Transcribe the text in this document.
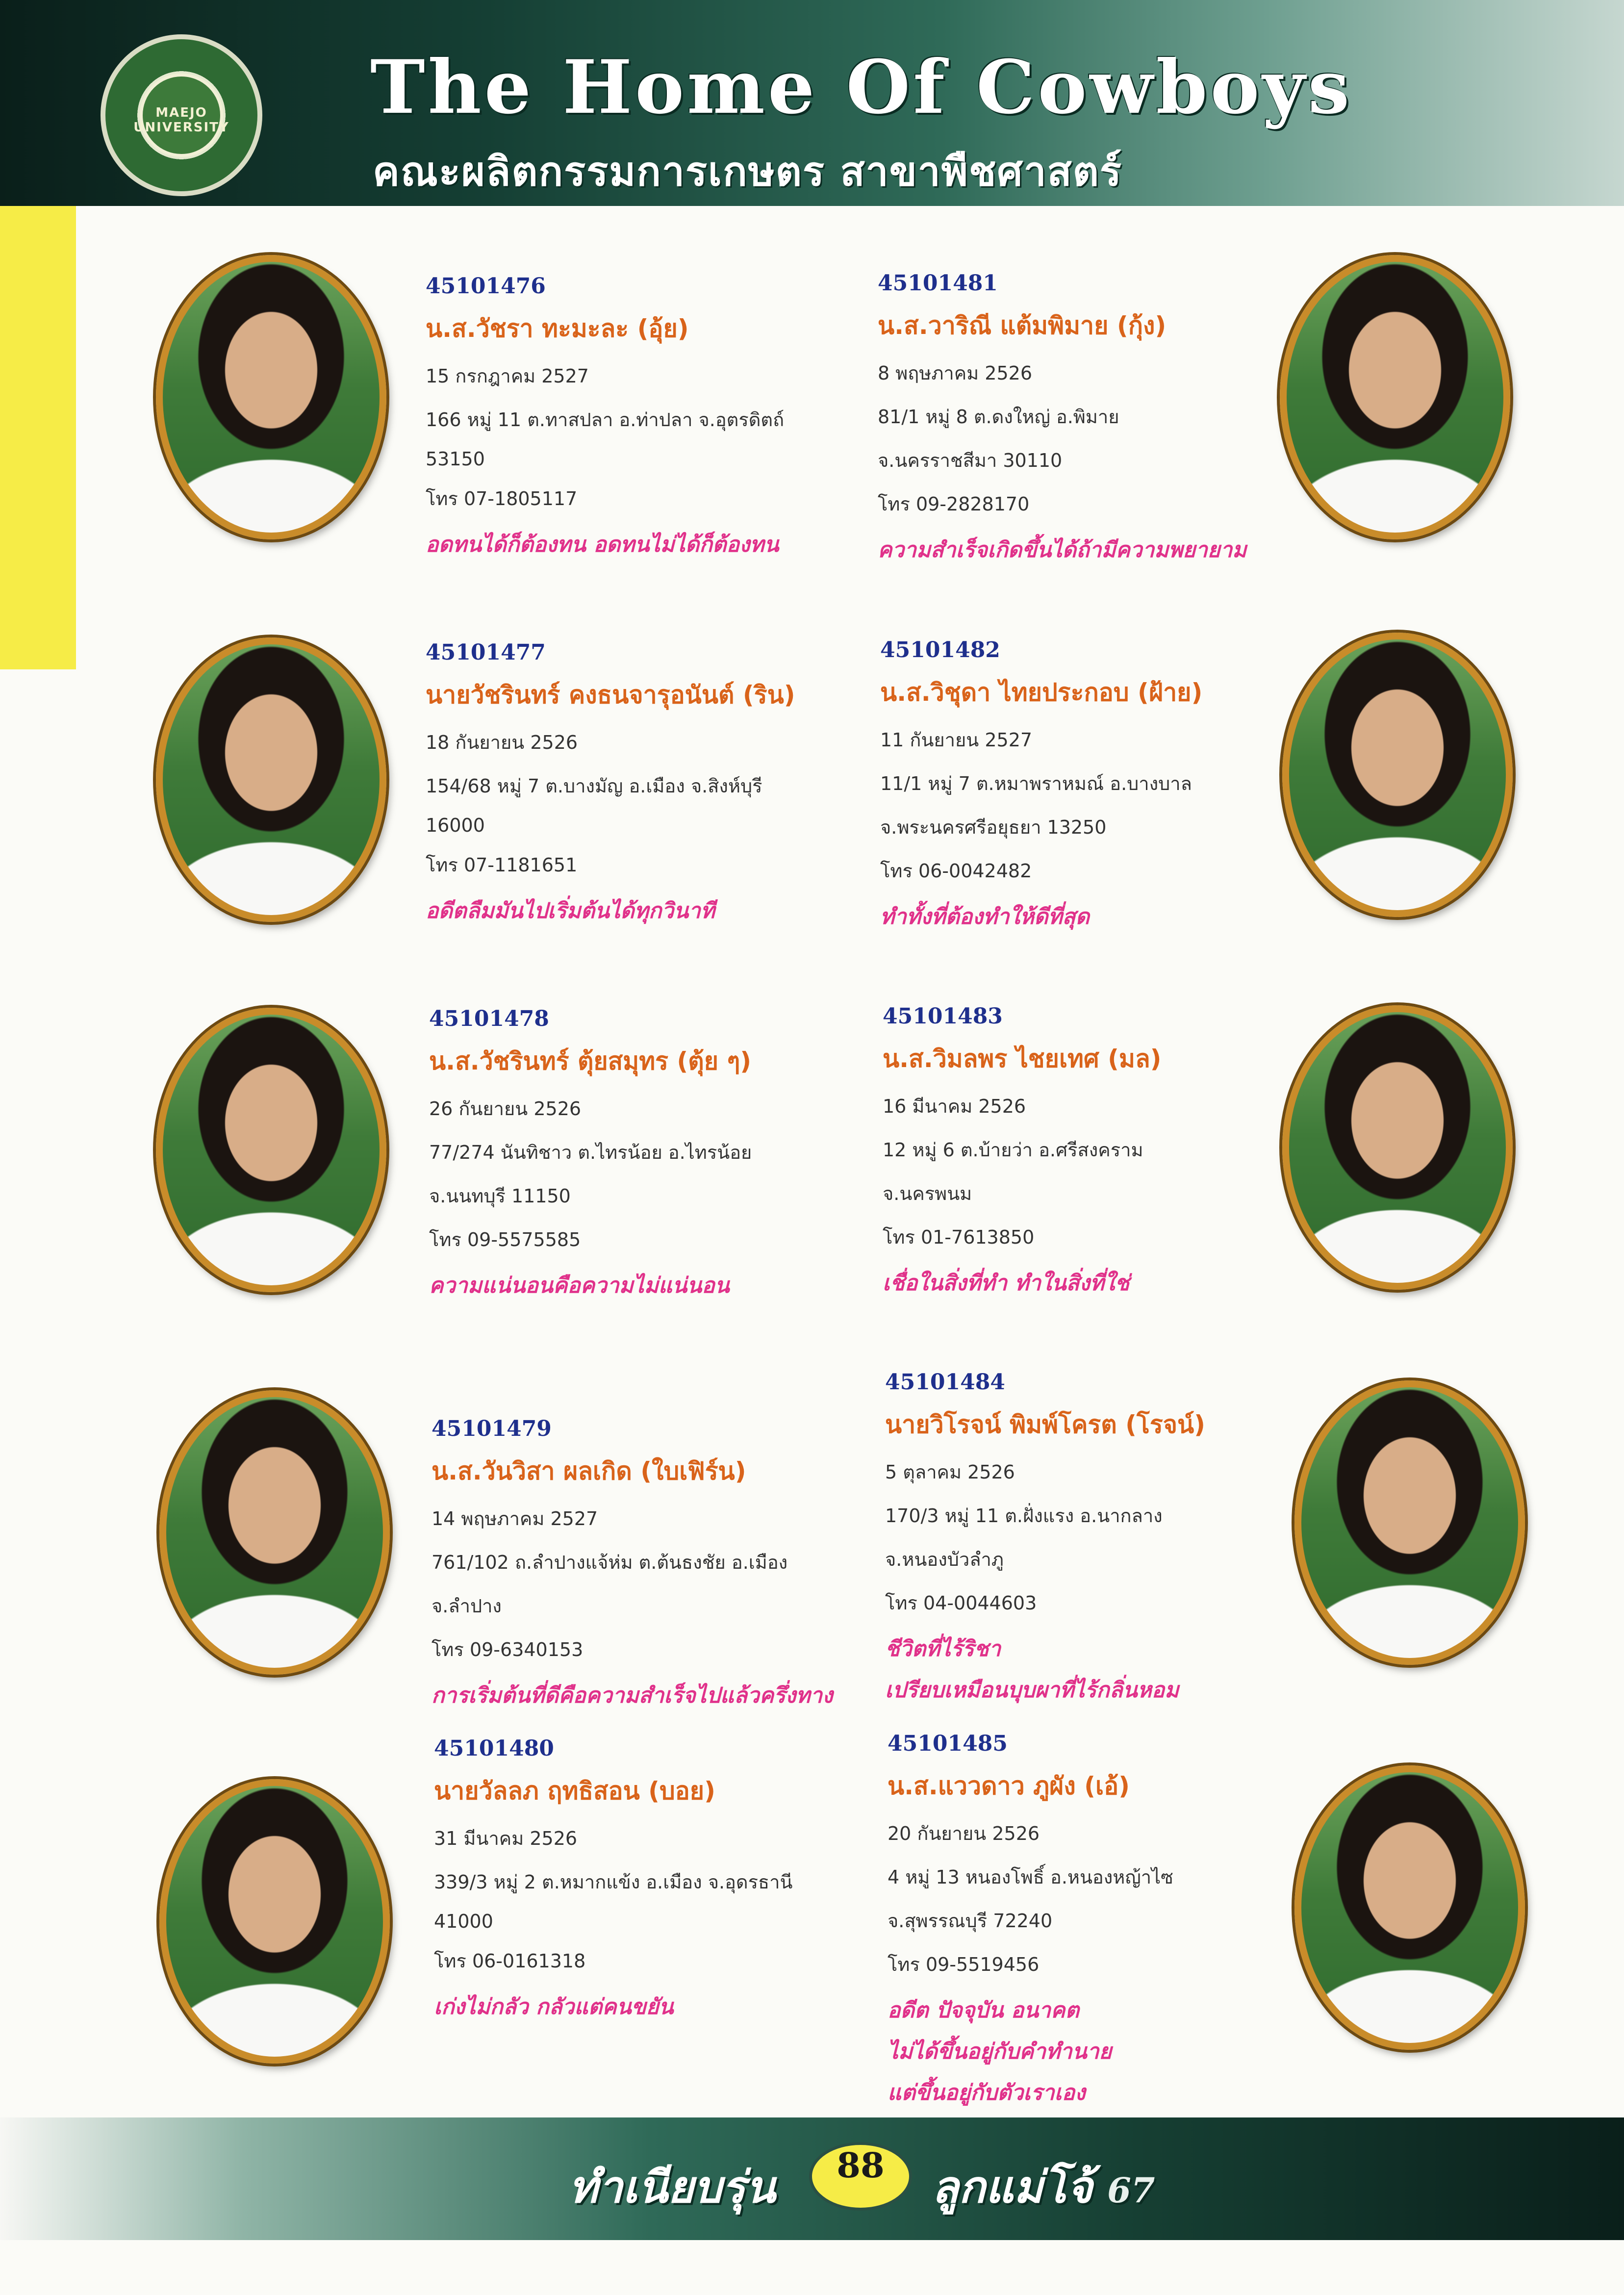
MAEJO UNIVERSITY	The Home Of Cowboys
คณะผลิตกรรมการเกษตร สาขาพืชศาสตร์
45101476
น.ส.วัชรา ทะมะละ (อุ้ย)
15 กรกฎาคม 2527
166 หมู่ 11 ต.ทาสปลา อ.ท่าปลา จ.อุตรดิตถ์
53150
โทร 07-1805117
อดทนได้ก็ต้องทน อดทนไม่ได้ก็ต้องทน
45101477
นายวัชรินทร์ คงธนจารุอนันต์ (ริน)
18 กันยายน 2526
154/68 หมู่ 7 ต.บางมัญ อ.เมือง จ.สิงห์บุรี
16000
โทร 07-1181651
อดีตลืมมันไปเริ่มต้นได้ทุกวินาที
45101478
น.ส.วัชรินทร์ ตุ้ยสมุทร (ตุ้ย ๆ)
26 กันยายน 2526
77/274 นันทิชาว ต.ไทรน้อย อ.ไทรน้อย
จ.นนทบุรี 11150
โทร 09-5575585
ความแน่นอนคือความไม่แน่นอน
45101479
น.ส.วันวิสา ผลเกิด (ใบเฟิร์น)
14 พฤษภาคม 2527
761/102 ถ.ลำปางแจ้ห่ม ต.ต้นธงชัย อ.เมือง
จ.ลำปาง
โทร 09-6340153
การเริ่มต้นที่ดีคือความสำเร็จไปแล้วครึ่งทาง
45101480
นายวัลลภ ฤทธิสอน (บอย)
31 มีนาคม 2526
339/3 หมู่ 2 ต.หมากแข้ง อ.เมือง จ.อุดรธานี
41000
โทร 06-0161318
เก่งไม่กลัว กลัวแต่คนขยัน
45101481
น.ส.วาริณี แต้มพิมาย (กุ้ง)
8 พฤษภาคม 2526
81/1 หมู่ 8 ต.ดงใหญ่ อ.พิมาย
จ.นครราชสีมา 30110
โทร 09-2828170
ความสำเร็จเกิดขึ้นได้ถ้ามีความพยายาม
45101482
น.ส.วิชุดา ไทยประกอบ (ฝ้าย)
11 กันยายน 2527
11/1 หมู่ 7 ต.หมาพราหมณ์ อ.บางบาล
จ.พระนครศรีอยุธยา 13250
โทร 06-0042482
ทำทั้งที่ต้องทำให้ดีที่สุด
45101483
น.ส.วิมลพร ไชยเทศ (มล)
16 มีนาคม 2526
12 หมู่ 6 ต.บ้ายว่า อ.ศรีสงคราม
จ.นครพนม
โทร 01-7613850
เชื่อในสิ่งที่ทำ ทำในสิ่งที่ใช่
45101484
นายวิโรจน์ พิมพ์โครต (โรจน์)
5 ตุลาคม 2526
170/3 หมู่ 11 ต.ฝั่งแรง อ.นากลาง
จ.หนองบัวลำภู
โทร 04-0044603
ชีวิตที่ไร้ริชา
เปรียบเหมือนบุบผาที่ไร้กลิ่นหอม
45101485
น.ส.แววดาว ภูผัง (เอ้)
20 กันยายน 2526
4 หมู่ 13 หนองโพธิ์ อ.หนองหญ้าไซ
จ.สุพรรณบุรี 72240
โทร 09-5519456
อดีต ปัจจุบัน อนาคต
ไม่ได้ขึ้นอยู่กับคำทำนาย
แต่ขึ้นอยู่กับตัวเราเอง
ทำเนียบรุ่น	88	ลูกแม่โจ้ 67
